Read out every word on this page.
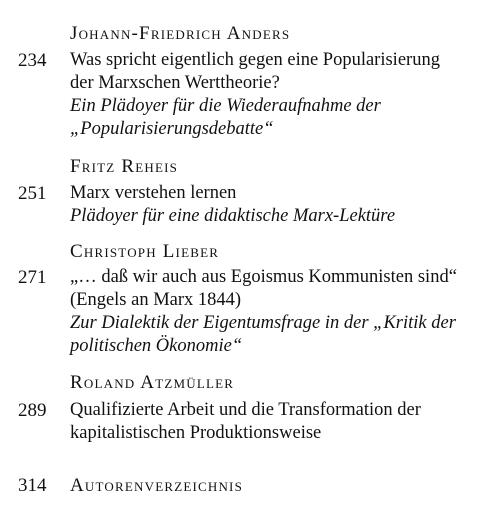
Johann-Friedrich Anders
234 Was spricht eigentlich gegen eine Popularisierung
der Marxschen Werttheorie?
Ein Plädoyer für die Wiederaufnahme der
„Popularisierungsdebatte“
Fritz Reheis
251 Marx verstehen lernen
Plädoyer für eine didaktische Marx-Lektüre
Christoph Lieber
271 „… daß wir auch aus Egoismus Kommunisten sind“
(Engels an Marx 1844)
Zur Dialektik der Eigentumsfrage in der „Kritik der
politischen Ökonomie“
Roland Atzmüller
289 Qualifizierte Arbeit und die Transformation der
kapitalistischen Produktionsweise
314 Autorenverzeichnis
